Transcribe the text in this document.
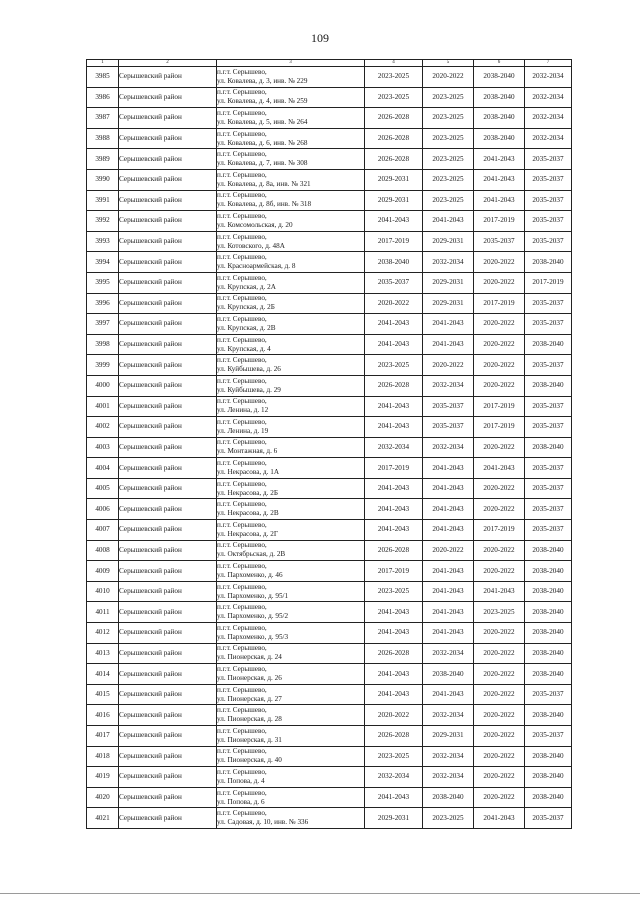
109
1	2	3	4	5	6	7
3985	Серышевский район	п.г.т. Серышево,
ул. Ковалева, д. 3, инв. № 229	2023-2025	2020-2022	2038-2040	2032-2034
3986	Серышевский район	п.г.т. Серышево,
ул. Ковалева, д. 4, инв. № 259	2023-2025	2023-2025	2038-2040	2032-2034
3987	Серышевский район	п.г.т. Серышево,
ул. Ковалева, д. 5, инв. № 264	2026-2028	2023-2025	2038-2040	2032-2034
3988	Серышевский район	п.г.т. Серышево,
ул. Ковалева, д. 6, инв. № 268	2026-2028	2023-2025	2038-2040	2032-2034
3989	Серышевский район	п.г.т. Серышево,
ул. Ковалева, д. 7, инв. № 308	2026-2028	2023-2025	2041-2043	2035-2037
3990	Серышевский район	п.г.т. Серышево,
ул. Ковалева, д. 8а, инв. № 321	2029-2031	2023-2025	2041-2043	2035-2037
3991	Серышевский район	п.г.т. Серышево,
ул. Ковалева, д. 8б, инв. № 318	2029-2031	2023-2025	2041-2043	2035-2037
3992	Серышевский район	п.г.т. Серышево,
ул. Комсомольская, д. 20	2041-2043	2041-2043	2017-2019	2035-2037
3993	Серышевский район	п.г.т. Серышево,
ул. Котовского, д. 48А	2017-2019	2029-2031	2035-2037	2035-2037
3994	Серышевский район	п.г.т. Серышево,
ул. Красноармейская, д. 8	2038-2040	2032-2034	2020-2022	2038-2040
3995	Серышевский район	п.г.т. Серышево,
ул. Крупская, д. 2А	2035-2037	2029-2031	2020-2022	2017-2019
3996	Серышевский район	п.г.т. Серышево,
ул. Крупская, д. 2Б	2020-2022	2029-2031	2017-2019	2035-2037
3997	Серышевский район	п.г.т. Серышево,
ул. Крупская, д. 2В	2041-2043	2041-2043	2020-2022	2035-2037
3998	Серышевский район	п.г.т. Серышево,
ул. Крупская, д. 4	2041-2043	2041-2043	2020-2022	2038-2040
3999	Серышевский район	п.г.т. Серышево,
ул. Куйбышева, д. 26	2023-2025	2020-2022	2020-2022	2035-2037
4000	Серышевский район	п.г.т. Серышево,
ул. Куйбышева, д. 29	2026-2028	2032-2034	2020-2022	2038-2040
4001	Серышевский район	п.г.т. Серышево,
ул. Ленина, д. 12	2041-2043	2035-2037	2017-2019	2035-2037
4002	Серышевский район	п.г.т. Серышево,
ул. Ленина, д. 19	2041-2043	2035-2037	2017-2019	2035-2037
4003	Серышевский район	п.г.т. Серышево,
ул. Монтажная, д. 6	2032-2034	2032-2034	2020-2022	2038-2040
4004	Серышевский район	п.г.т. Серышево,
ул. Некрасова, д. 1А	2017-2019	2041-2043	2041-2043	2035-2037
4005	Серышевский район	п.г.т. Серышево,
ул. Некрасова, д. 2Б	2041-2043	2041-2043	2020-2022	2035-2037
4006	Серышевский район	п.г.т. Серышево,
ул. Некрасова, д. 2В	2041-2043	2041-2043	2020-2022	2035-2037
4007	Серышевский район	п.г.т. Серышево,
ул. Некрасова, д. 2Г	2041-2043	2041-2043	2017-2019	2035-2037
4008	Серышевский район	п.г.т. Серышево,
ул. Октябрьская, д. 2В	2026-2028	2020-2022	2020-2022	2038-2040
4009	Серышевский район	п.г.т. Серышево,
ул. Пархоменко, д. 46	2017-2019	2041-2043	2020-2022	2038-2040
4010	Серышевский район	п.г.т. Серышево,
ул. Пархоменко, д. 95/1	2023-2025	2041-2043	2041-2043	2038-2040
4011	Серышевский район	п.г.т. Серышево,
ул. Пархоменко, д. 95/2	2041-2043	2041-2043	2023-2025	2038-2040
4012	Серышевский район	п.г.т. Серышево,
ул. Пархоменко, д. 95/3	2041-2043	2041-2043	2020-2022	2038-2040
4013	Серышевский район	п.г.т. Серышево,
ул. Пионерская, д. 24	2026-2028	2032-2034	2020-2022	2038-2040
4014	Серышевский район	п.г.т. Серышево,
ул. Пионерская, д. 26	2041-2043	2038-2040	2020-2022	2038-2040
4015	Серышевский район	п.г.т. Серышево,
ул. Пионерская, д. 27	2041-2043	2041-2043	2020-2022	2035-2037
4016	Серышевский район	п.г.т. Серышево,
ул. Пионерская, д. 28	2020-2022	2032-2034	2020-2022	2038-2040
4017	Серышевский район	п.г.т. Серышево,
ул. Пионерская, д. 31	2026-2028	2029-2031	2020-2022	2035-2037
4018	Серышевский район	п.г.т. Серышево,
ул. Пионерская, д. 40	2023-2025	2032-2034	2020-2022	2038-2040
4019	Серышевский район	п.г.т. Серышево,
ул. Попова, д. 4	2032-2034	2032-2034	2020-2022	2038-2040
4020	Серышевский район	п.г.т. Серышево,
ул. Попова, д. 6	2041-2043	2038-2040	2020-2022	2038-2040
4021	Серышевский район	п.г.т. Серышево,
ул. Садовая, д. 10, инв. № 336	2029-2031	2023-2025	2041-2043	2035-2037
